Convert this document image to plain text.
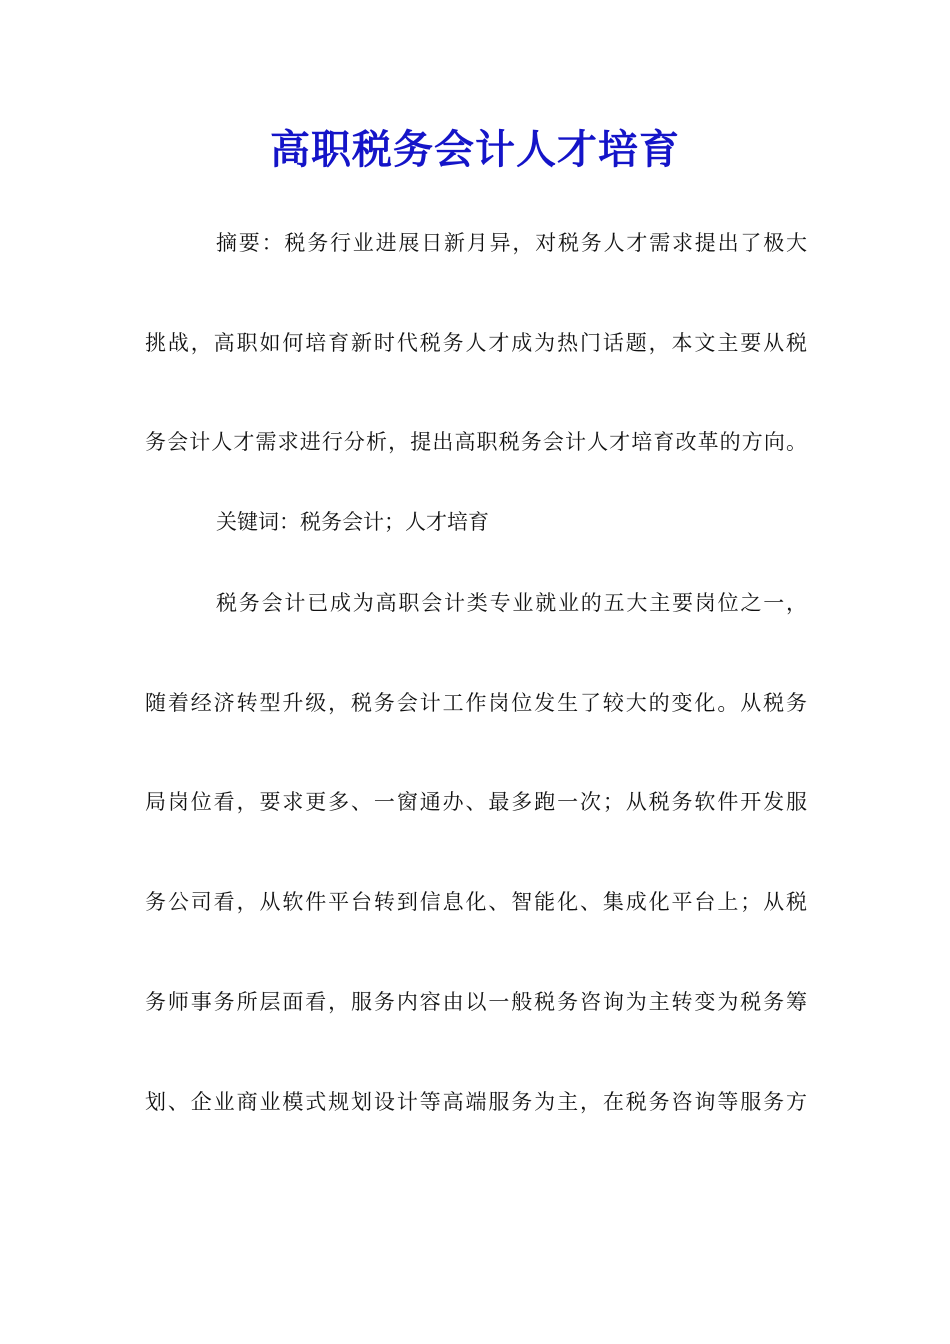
高职税务会计人才培育
摘要：税务行业进展日新月异，对税务人才需求提出了极大
挑战，高职如何培育新时代税务人才成为热门话题，本文主要从税
务会计人才需求进行分析，提出高职税务会计人才培育改革的方向。
关键词：税务会计；人才培育
税务会计已成为高职会计类专业就业的五大主要岗位之一，
随着经济转型升级，税务会计工作岗位发生了较大的变化。从税务
局岗位看，要求更多、一窗通办、最多跑一次；从税务软件开发服
务公司看，从软件平台转到信息化、智能化、集成化平台上；从税
务师事务所层面看，服务内容由以一般税务咨询为主转变为税务筹
划、企业商业模式规划设计等高端服务为主，在税务咨询等服务方
